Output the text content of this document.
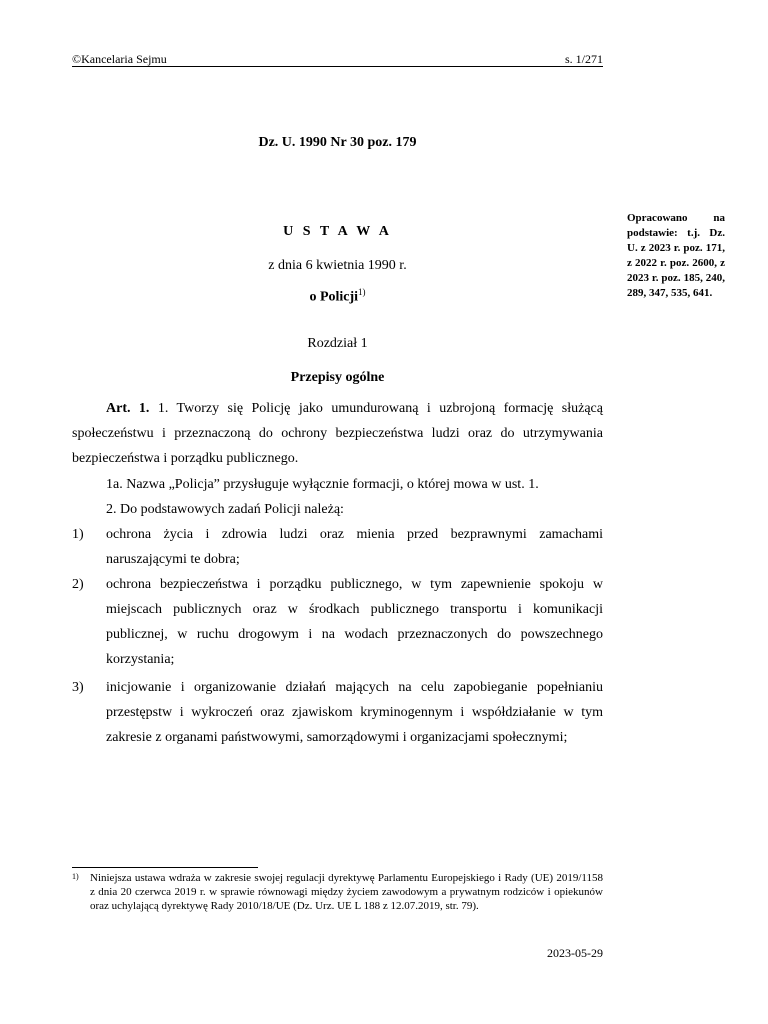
©Kancelaria Sejmu	s. 1/271
Dz. U. 1990 Nr 30 poz. 179
U S T A W A
z dnia 6 kwietnia 1990 r.
o Policji$^{1)}$
Opracowano na podstawie: t.j. Dz. U. z 2023 r. poz. 171, z 2022 r. poz. 2600, z 2023 r. poz. 185, 240, 289, 347, 535, 641.
Rozdział 1
Przepisy ogólne
Art. 1. 1. Tworzy się Policję jako umundurowaną i uzbrojoną formację służącą społeczeństwu i przeznaczoną do ochrony bezpieczeństwa ludzi oraz do utrzymywania bezpieczeństwa i porządku publicznego.
1a. Nazwa „Policja” przysługuje wyłącznie formacji, o której mowa w ust. 1.
2. Do podstawowych zadań Policji należą:
1) ochrona życia i zdrowia ludzi oraz mienia przed bezprawnymi zamachami naruszającymi te dobra;
2) ochrona bezpieczeństwa i porządku publicznego, w tym zapewnienie spokoju w miejscach publicznych oraz w środkach publicznego transportu i komunikacji publicznej, w ruchu drogowym i na wodach przeznaczonych do powszechnego korzystania;
3) inicjowanie i organizowanie działań mających na celu zapobieganie popełnianiu przestępstw i wykroczeń oraz zjawiskom kryminogennym i współdziałanie w tym zakresie z organami państwowymi, samorządowymi i organizacjami społecznymi;
1) Niniejsza ustawa wdraża w zakresie swojej regulacji dyrektywę Parlamentu Europejskiego i Rady (UE) 2019/1158 z dnia 20 czerwca 2019 r. w sprawie równowagi między życiem zawodowym a prywatnym rodziców i opiekunów oraz uchylającą dyrektywę Rady 2010/18/UE (Dz. Urz. UE L 188 z 12.07.2019, str. 79).
2023-05-29
